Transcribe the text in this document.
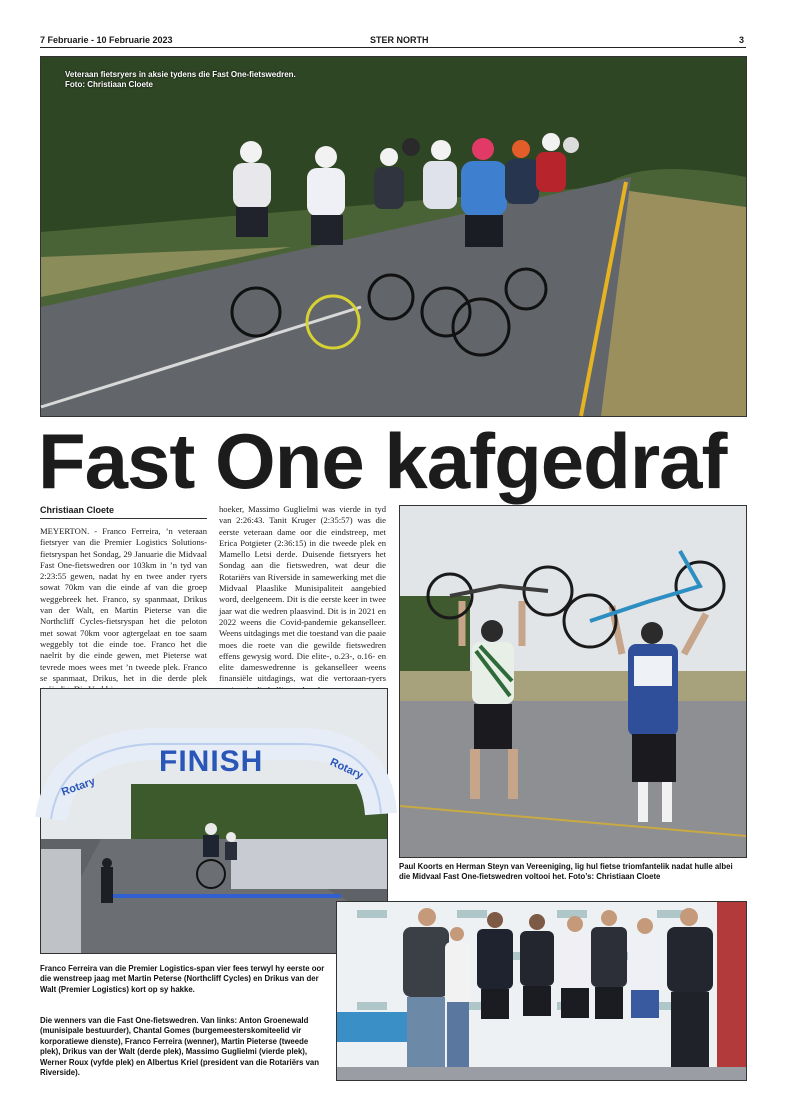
7 Februarie - 10 Februarie 2023	STER NORTH	3
Veteraan fietsryers in aksie tydens die Fast One-fietswedren.
Foto: Christiaan Cloete
Fast One kafgedraf
Christiaan Cloete
MEYERTON. - Franco Ferreira, ’n veteraan fietsryer van die Premier Logistics Solutions-fietsryspan het Sondag, 29 Januarie die Midvaal Fast One-fietswedren oor 103km in ’n tyd van 2:23:55 gewen, nadat hy en twee ander ryers sowat 70km van die einde af van die groep weggebreek het. Franco, sy spanmaat, Drikus van der Walt, en Martin Pieterse van die Northcliff Cycles-fietsryspan het die peloton met sowat 70km voor agtergelaat en toe saam weggebly tot die einde toe. Franco het die naelrit by die einde gewen, met Pieterse wat tevrede moes wees met ’n tweede plek. Franco se spanmaat, Drikus, het in die derde plek
hoeker, Massimo Guglielmi was vierde in tyd van 2:26:43. Tanit Kruger (2:35:57) was die eerste veteraan dame oor die eindstreep, met Erica Potgieter (2:36:15) in die tweede plek en Mamello Letsi derde. Duisende fietsryers het Sondag aan die fietswedren, wat deur die Rotariërs van Riverside in samewerking met die Midvaal Plaaslike Munisipaliteit aangebied word, deelgeneem. Dit is die eerste keer in twee jaar wat die wedren plaasvind. Dit is in 2021 en 2022 weens die Covid-pandemie gekanselleer. Weens uitdagings met die toestand van die paaie moes die roete van die gewilde fietswedren effens gewysig word. Die elite-, o.23-, o.16- en elite dameswedrenne is gekanselleer weens finansiële uitdagings, wat die vertoraan-ryers
FINISH
Rotary
Rotary
Paul Koorts en Herman Steyn van Vereeniging, lig hul fietse triomfantelik nadat hulle albei die Midvaal Fast One-fietswedren voltooi het. Foto’s: Christiaan Cloete
Franco Ferreira van die Premier Logistics-span vier fees terwyl hy eerste oor die wenstreep jaag met Martin Peterse (Northcliff Cycles) en Drikus van der Walt (Premier Logistics) kort op sy hakke.
Die wenners van die Fast One-fietswedren. Van links: Anton Groenewald (munisipale bestuurder), Chantal Gomes (burgemeesterskomiteelid vir korporatiewe dienste), Franco Ferreira (wenner), Martin Pieterse (tweede plek), Drikus van der Walt (derde plek), Massimo Guglielmi (vierde plek), Werner Roux (vyfde plek) en Albertus Kriel (president van die Rotariërs van Riverside).
